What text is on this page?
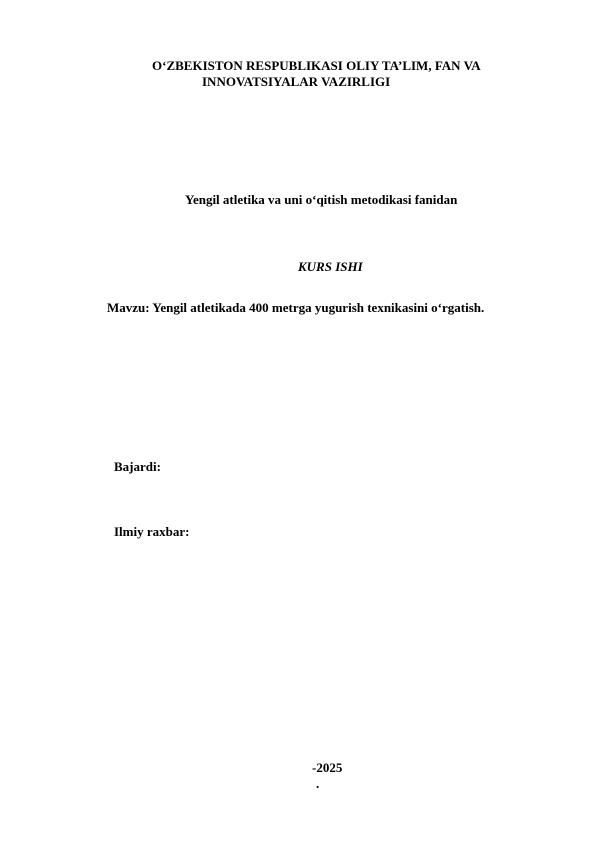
O‘ZBEKISTON RESPUBLIKASI OLIY TA’LIM, FAN VA
INNOVATSIYALAR VAZIRLIGI
Yengil atletika va uni o‘qitish metodikasi fanidan
KURS ISHI
Mavzu: Yengil atletikada 400 metrga yugurish texnikasini o‘rgatish.
Bajardi:
Ilmiy raxbar:
-2025
.
